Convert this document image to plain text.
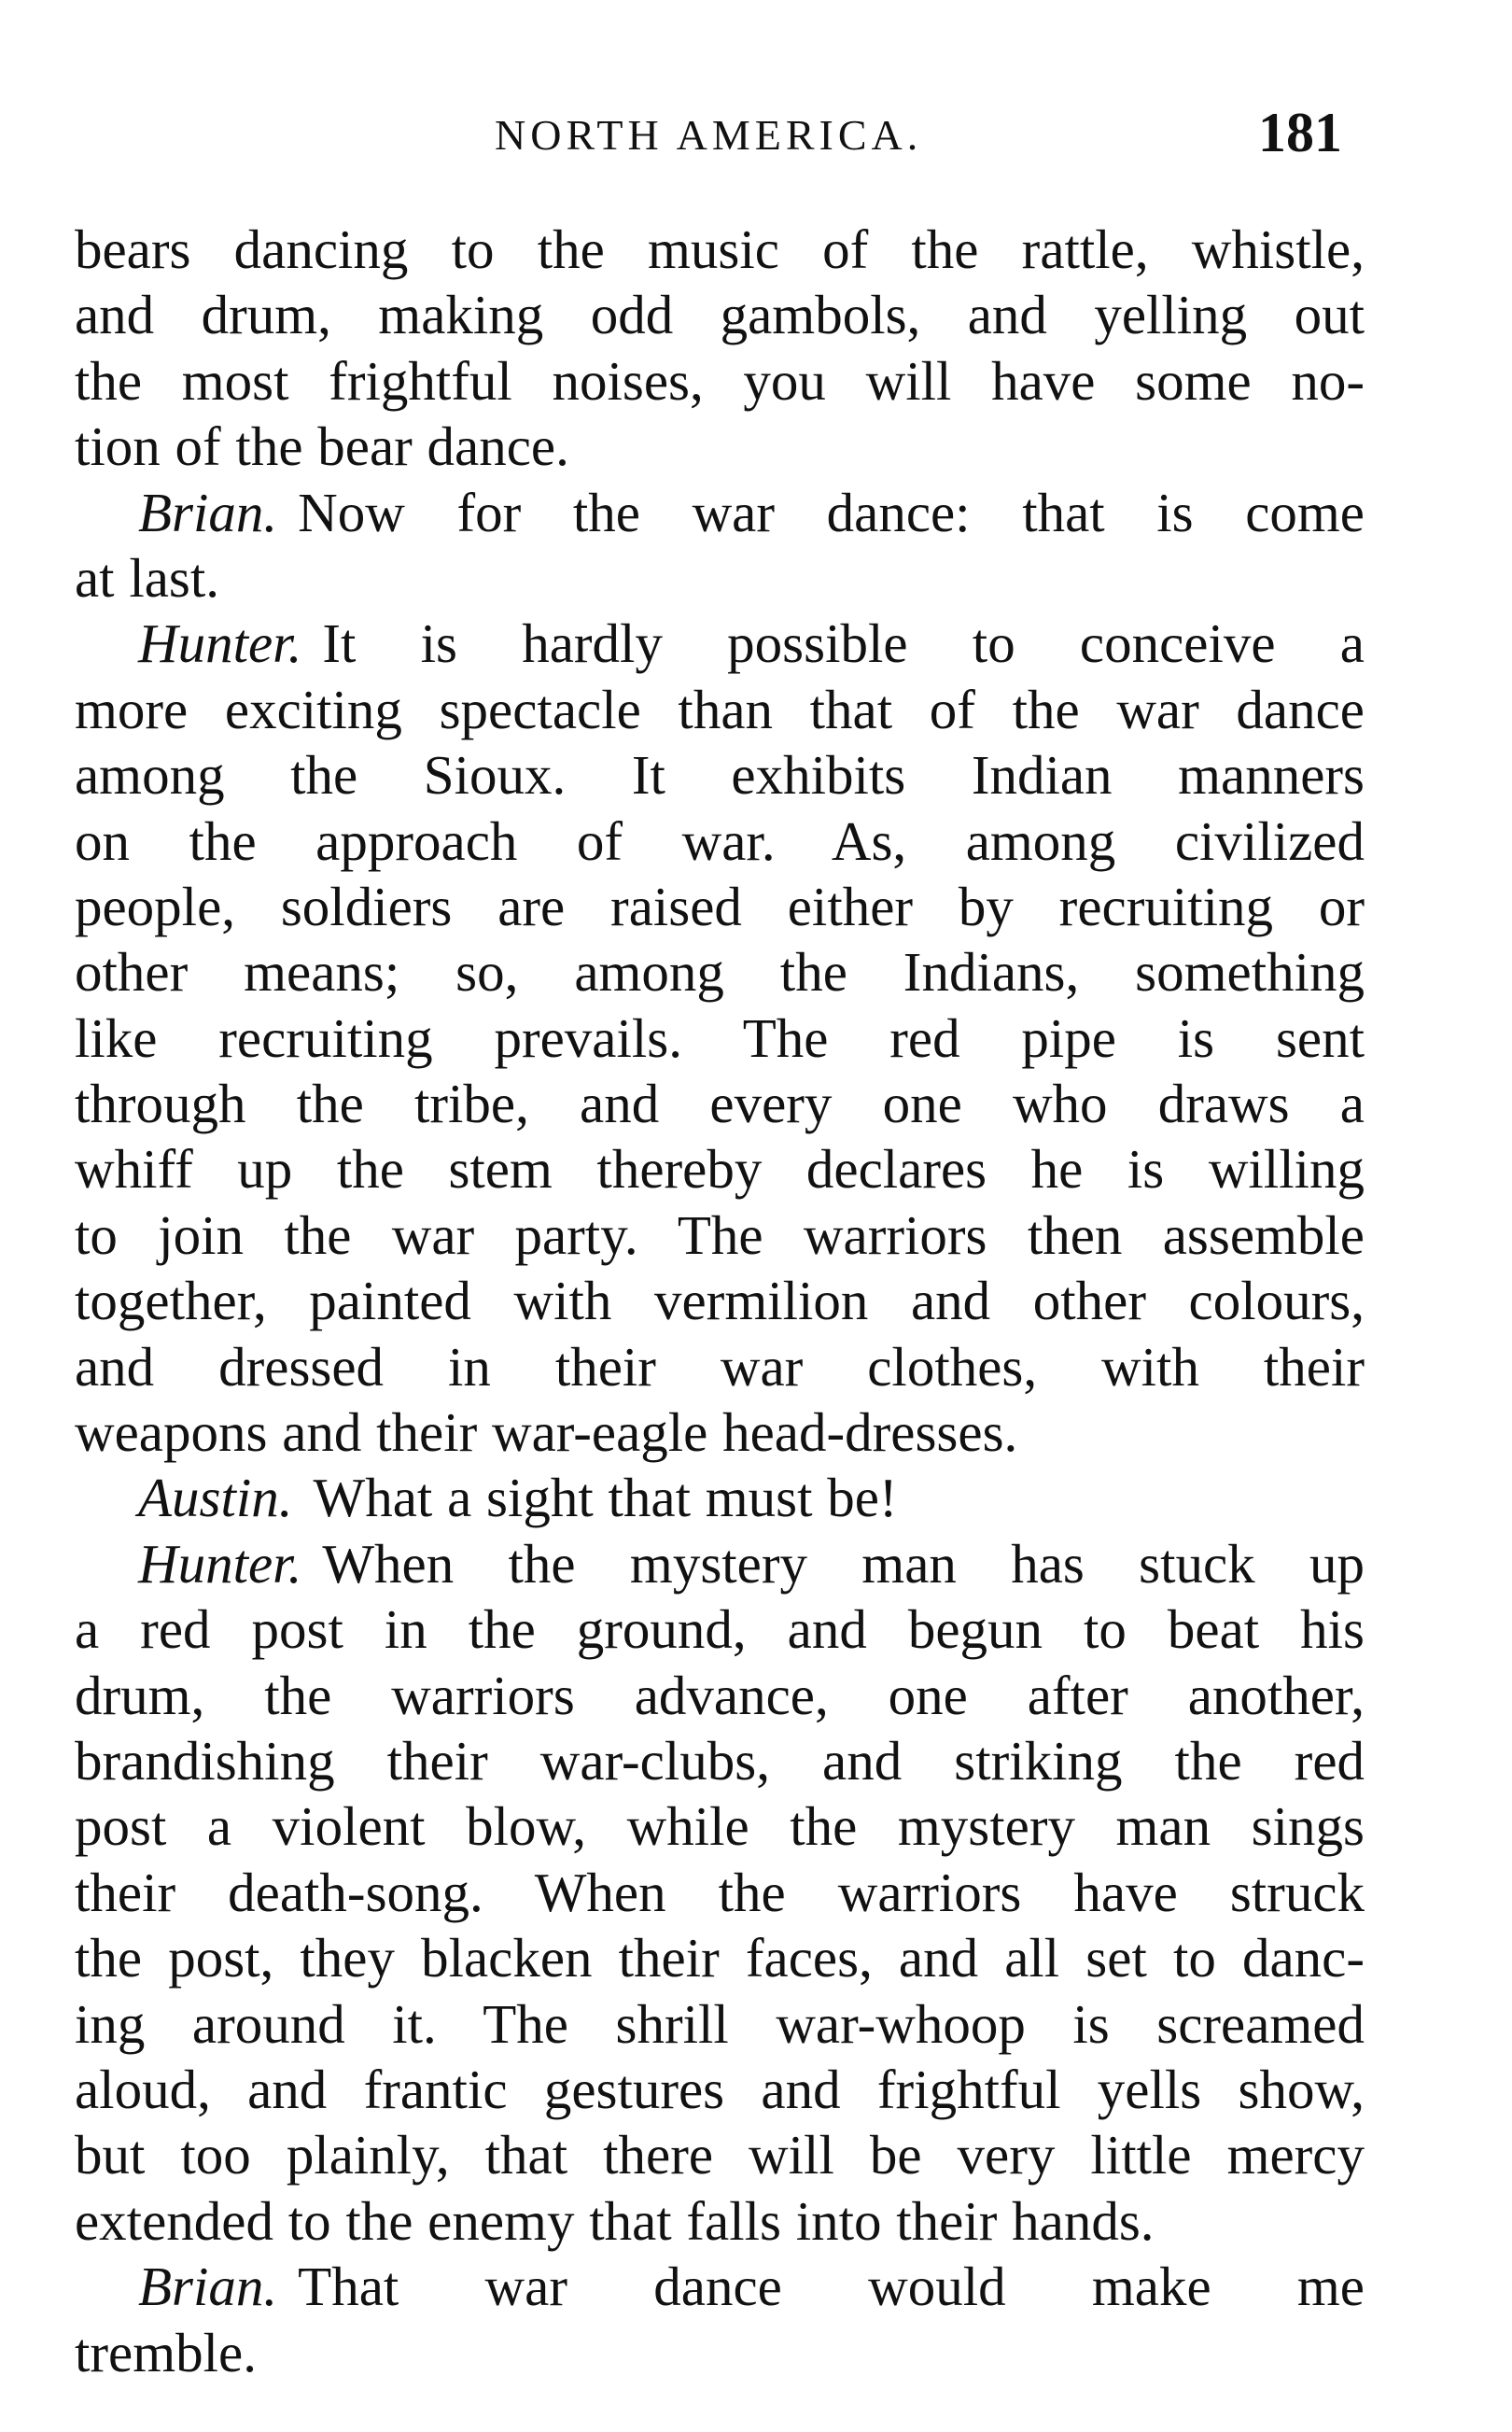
NORTH AMERICA.	181
bears dancing to the music of the rattle, whistle,
and drum, making odd gambols, and yelling out
the most frightful noises, you will have some no-
tion of the bear dance.
Brian. Now for the war dance: that is come
at last.
Hunter. It is hardly possible to conceive a
more exciting spectacle than that of the war dance
among the Sioux. It exhibits Indian manners
on the approach of war. As, among civilized
people, soldiers are raised either by recruiting or
other means; so, among the Indians, something
like recruiting prevails. The red pipe is sent
through the tribe, and every one who draws a
whiff up the stem thereby declares he is willing
to join the war party. The warriors then assemble
together, painted with vermilion and other colours,
and dressed in their war clothes, with their
weapons and their war-eagle head-dresses.
Austin. What a sight that must be!
Hunter. When the mystery man has stuck up
a red post in the ground, and begun to beat his
drum, the warriors advance, one after another,
brandishing their war-clubs, and striking the red
post a violent blow, while the mystery man sings
their death-song. When the warriors have struck
the post, they blacken their faces, and all set to danc-
ing around it. The shrill war-whoop is screamed
aloud, and frantic gestures and frightful yells show,
but too plainly, that there will be very little mercy
extended to the enemy that falls into their hands.
Brian. That war dance would make me
tremble.
